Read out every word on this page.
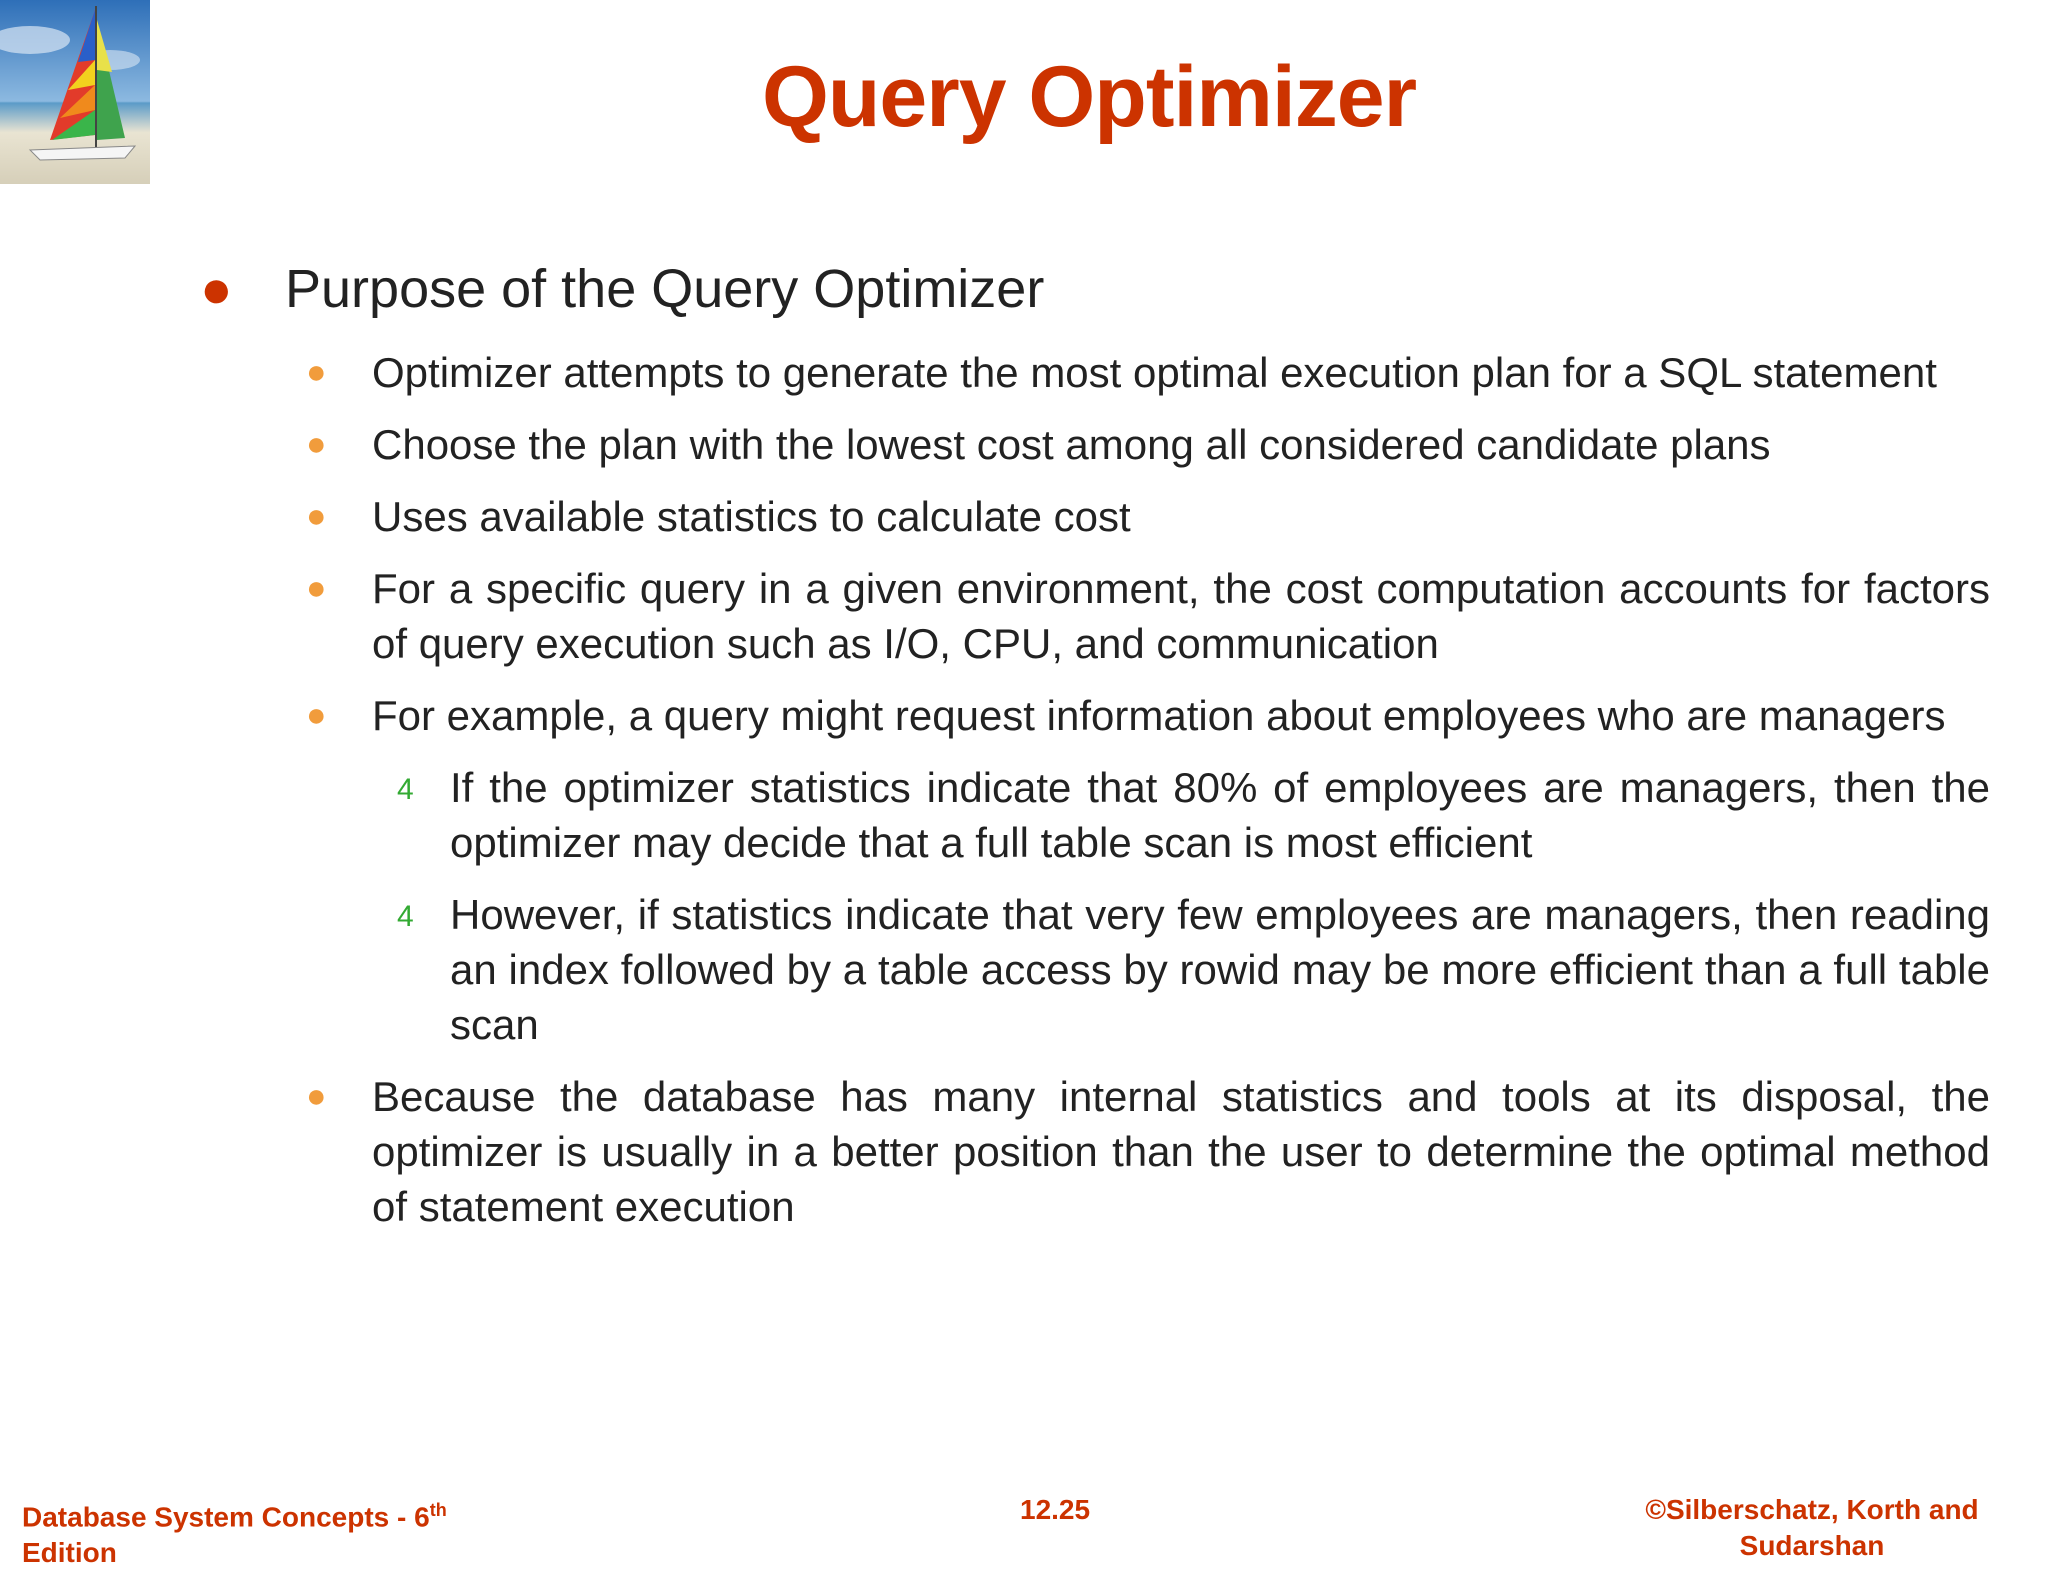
Query Optimizer
● Purpose of the Query Optimizer
● Optimizer attempts to generate the most optimal execution plan for a SQL statement
● Choose the plan with the lowest cost among all considered candidate plans
● Uses available statistics to calculate cost
● For a specific query in a given environment, the cost computation accounts for factors of query execution such as I/O, CPU, and communication
● For example, a query might request information about employees who are managers
4 If the optimizer statistics indicate that 80% of employees are managers, then the optimizer may decide that a full table scan is most efficient
4 However, if statistics indicate that very few employees are managers, then reading an index followed by a table access by rowid may be more efficient than a full table scan
● Because the database has many internal statistics and tools at its disposal, the optimizer is usually in a better position than the user to determine the optimal method of statement execution
Database System Concepts - 6th
Edition
12.25	©Silberschatz, Korth and Sudarshan
